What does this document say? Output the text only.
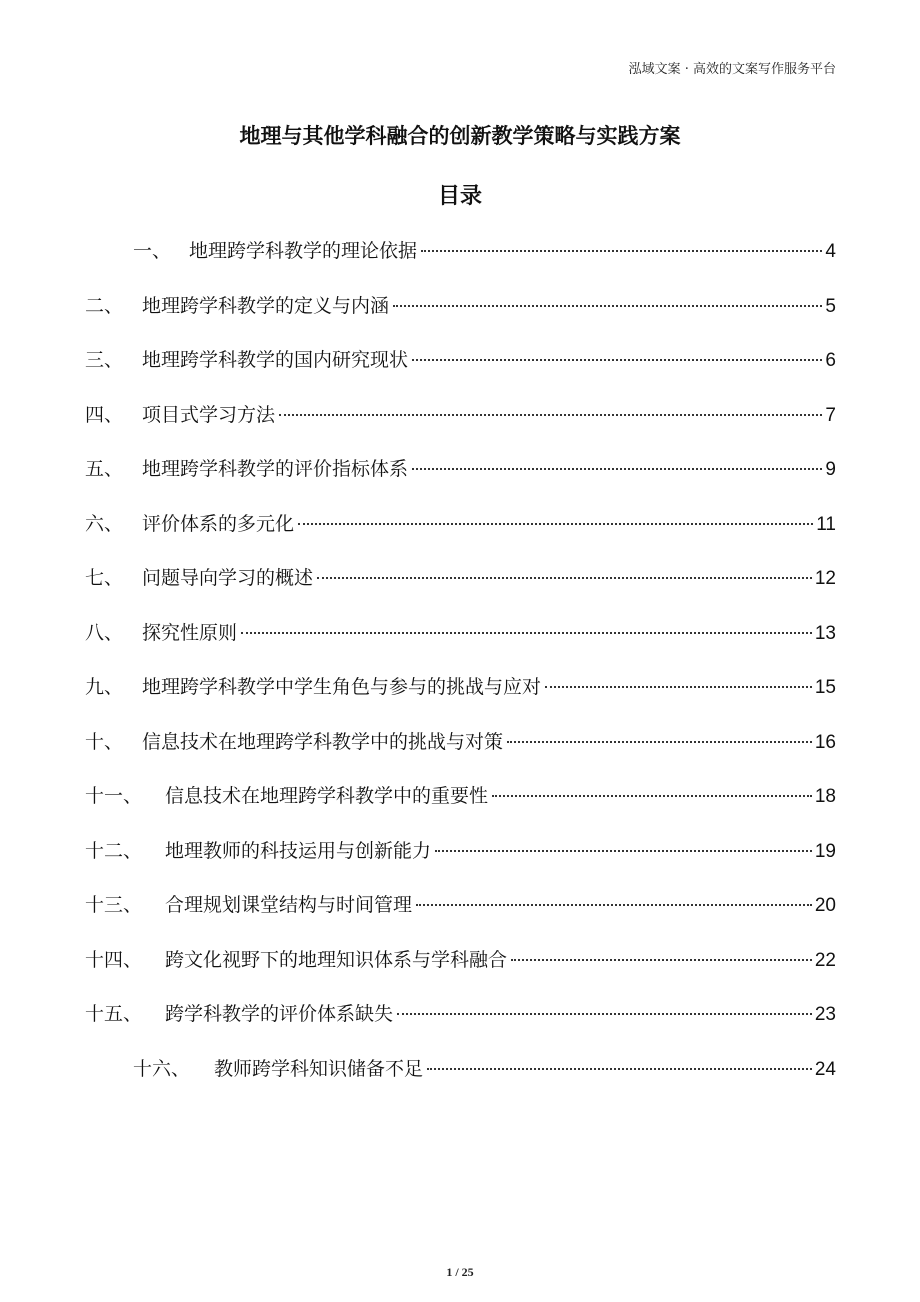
泓域文案 · 高效的文案写作服务平台
地理与其他学科融合的创新教学策略与实践方案
目录
一、 地理跨学科教学的理论依据	4
二、 地理跨学科教学的定义与内涵	5
三、 地理跨学科教学的国内研究现状	6
四、 项目式学习方法	7
五、 地理跨学科教学的评价指标体系	9
六、 评价体系的多元化	11
七、 问题导向学习的概述	12
八、 探究性原则	13
九、 地理跨学科教学中学生角色与参与的挑战与应对	15
十、 信息技术在地理跨学科教学中的挑战与对策	16
十一、	信息技术在地理跨学科教学中的重要性	18
十二、	地理教师的科技运用与创新能力	19
十三、	合理规划课堂结构与时间管理	20
十四、	跨文化视野下的地理知识体系与学科融合	22
十五、	跨学科教学的评价体系缺失	23
十六、	教师跨学科知识储备不足	24
1 / 25
